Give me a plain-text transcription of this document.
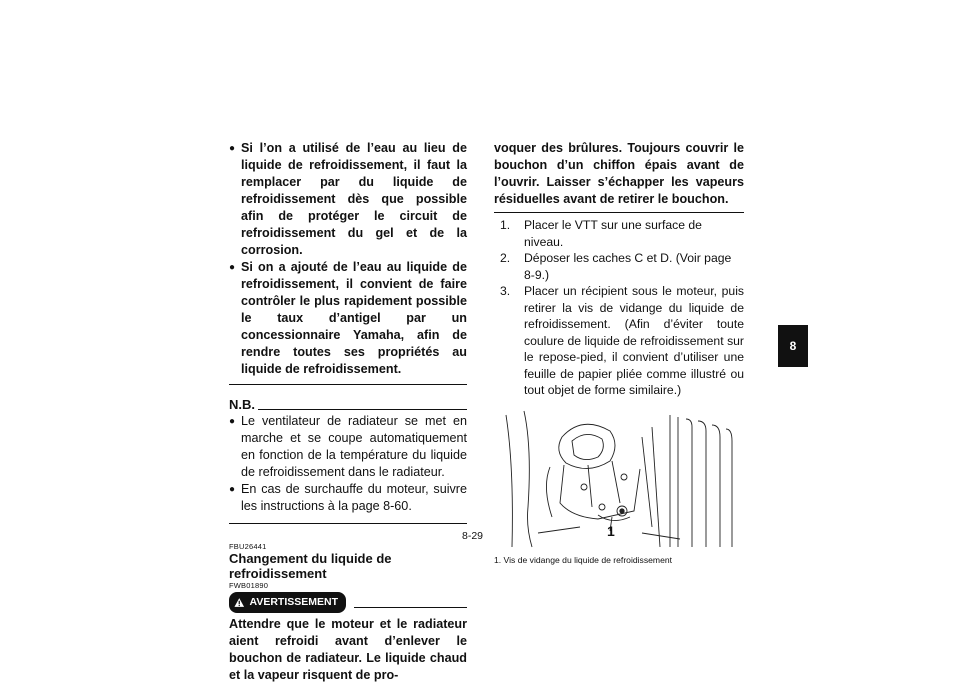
● Si l’on a utilisé de l’eau au lieu de liquide de refroidissement, il faut la remplacer par du liquide de refroidissement dès que possible afin de protéger le circuit de refroidissement du gel et de la corrosion.
● Si on a ajouté de l’eau au liquide de refroidissement, il convient de faire contrôler le plus rapidement possible le taux d’antigel par un concessionnaire Yamaha, afin de rendre toutes ses propriétés au liquide de refroidissement.
N.B.
● Le ventilateur de radiateur se met en marche et se coupe automatiquement en fonction de la température du liquide de refroidissement dans le radiateur.
● En cas de surchauffe du moteur, suivre les instructions à la page 8-60.
FBU26441
Changement du liquide de refroidissement
FWB01890
AVERTISSEMENT
Attendre que le moteur et le radiateur aient refroidi avant d’enlever le bouchon de radiateur. Le liquide chaud et la vapeur risquent de pro-
voquer des brûlures. Toujours couvrir le bouchon d’un chiffon épais avant de l’ouvrir. Laisser s’échapper les vapeurs résiduelles avant de retirer le bouchon.
1. Placer le VTT sur une surface de niveau.
2. Déposer les caches C et D. (Voir page 8-9.)
3. Placer un récipient sous le moteur, puis retirer la vis de vidange du liquide de refroidissement. (Afin d’éviter toute coulure de liquide de refroidissement sur le repose-pied, il convient d’utiliser une feuille de papier pliée comme illustré ou tout objet de forme similaire.)
1
1. Vis de vidange du liquide de refroidissement
8-29
8
